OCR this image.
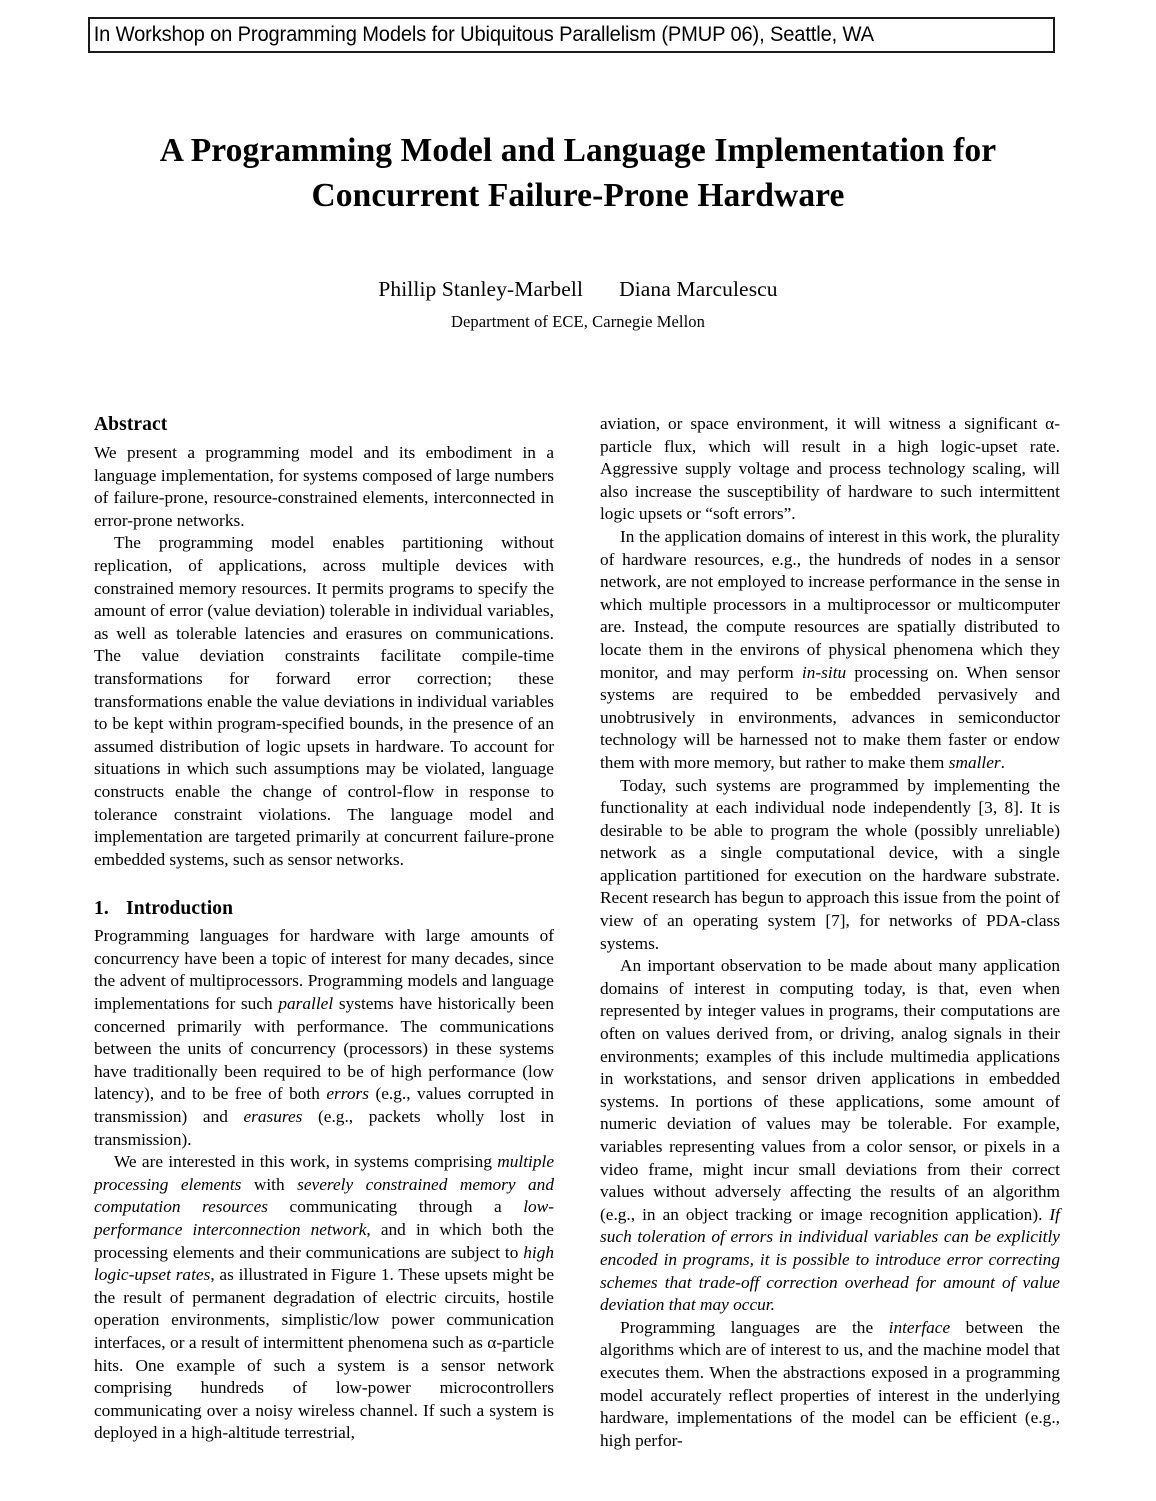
In Workshop on Programming Models for Ubiquitous Parallelism (PMUP 06), Seattle, WA
A Programming Model and Language Implementation for
Concurrent Failure-Prone Hardware
Phillip Stanley-Marbell Diana Marculescu
Department of ECE, Carnegie Mellon
Abstract

We present a programming model and its embodiment in a language implementation, for systems composed of large numbers of failure-prone, resource-constrained elements, interconnected in error-prone networks.

The programming model enables partitioning without replication, of applications, across multiple devices with constrained memory resources. It permits programs to specify the amount of error (value deviation) tolerable in individual variables, as well as tolerable latencies and erasures on communications. The value deviation constraints facilitate compile-time transformations for forward error correction; these transformations enable the value deviations in individual variables to be kept within program-specified bounds, in the presence of an assumed distribution of logic upsets in hardware. To account for situations in which such assumptions may be violated, language constructs enable the change of control-flow in response to tolerance constraint violations. The language model and implementation are targeted primarily at concurrent failure-prone embedded systems, such as sensor networks.

1. Introduction

Programming languages for hardware with large amounts of concurrency have been a topic of interest for many decades, since the advent of multiprocessors. Programming models and language implementations for such parallel systems have historically been concerned primarily with performance. The communications between the units of concurrency (processors) in these systems have traditionally been required to be of high performance (low latency), and to be free of both errors (e.g., values corrupted in transmission) and erasures (e.g., packets wholly lost in transmission).

We are interested in this work, in systems comprising multiple processing elements with severely constrained memory and computation resources communicating through a low-performance interconnection network, and in which both the processing elements and their communications are subject to high logic-upset rates, as illustrated in Figure 1. These upsets might be the result of permanent degradation of electric circuits, hostile operation environments, simplistic/low power communication interfaces, or a result of intermittent phenomena such as α-particle hits. One example of such a system is a sensor network comprising hundreds of low-power microcontrollers communicating over a noisy wireless channel. If such a system is deployed in a high-altitude terrestrial,

aviation, or space environment, it will witness a significant α-particle flux, which will result in a high logic-upset rate. Aggressive supply voltage and process technology scaling, will also increase the susceptibility of hardware to such intermittent logic upsets or “soft errors”.

In the application domains of interest in this work, the plurality of hardware resources, e.g., the hundreds of nodes in a sensor network, are not employed to increase performance in the sense in which multiple processors in a multiprocessor or multicomputer are. Instead, the compute resources are spatially distributed to locate them in the environs of physical phenomena which they monitor, and may perform in-situ processing on. When sensor systems are required to be embedded pervasively and unobtrusively in environments, advances in semiconductor technology will be harnessed not to make them faster or endow them with more memory, but rather to make them smaller.

Today, such systems are programmed by implementing the functionality at each individual node independently [3, 8]. It is desirable to be able to program the whole (possibly unreliable) network as a single computational device, with a single application partitioned for execution on the hardware substrate. Recent research has begun to approach this issue from the point of view of an operating system [7], for networks of PDA-class systems.

An important observation to be made about many application domains of interest in computing today, is that, even when represented by integer values in programs, their computations are often on values derived from, or driving, analog signals in their environments; examples of this include multimedia applications in workstations, and sensor driven applications in embedded systems. In portions of these applications, some amount of numeric deviation of values may be tolerable. For example, variables representing values from a color sensor, or pixels in a video frame, might incur small deviations from their correct values without adversely affecting the results of an algorithm (e.g., in an object tracking or image recognition application). If such toleration of errors in individual variables can be explicitly encoded in programs, it is possible to introduce error correcting schemes that trade-off correction overhead for amount of value deviation that may occur.

Programming languages are the interface between the algorithms which are of interest to us, and the machine model that executes them. When the abstractions exposed in a programming model accurately reflect properties of interest in the underlying hardware, implementations of the model can be efficient (e.g., high perfor-
